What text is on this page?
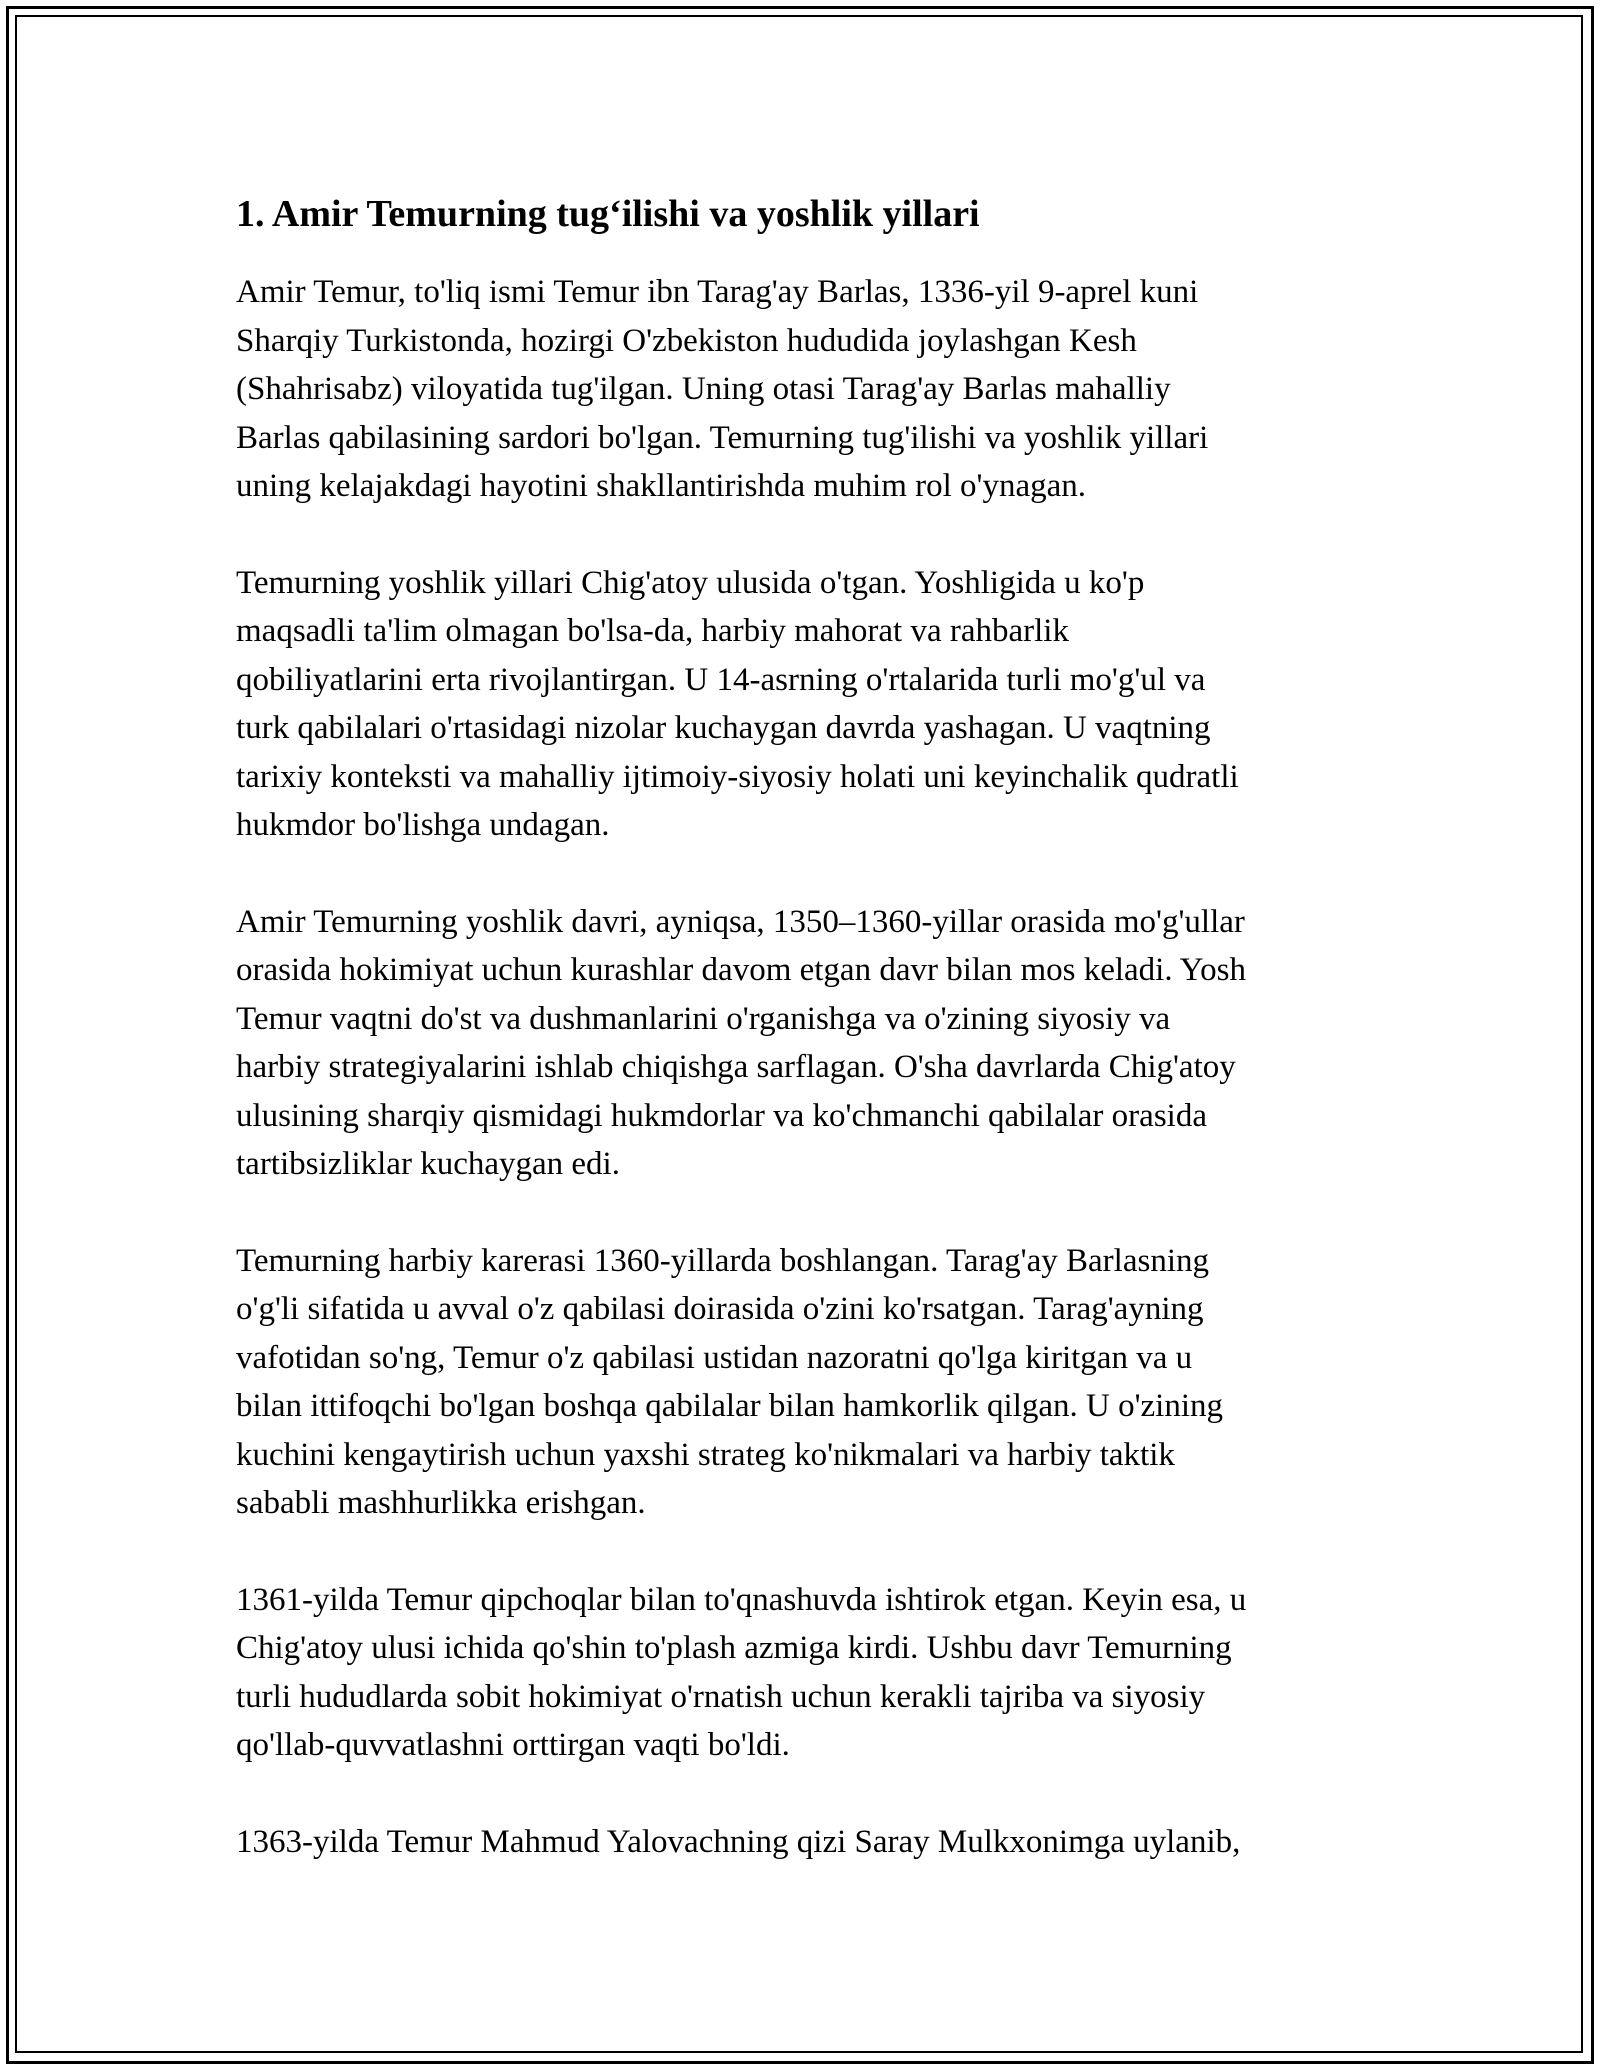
1. Amir Temurning tug‘ilishi va yoshlik yillari

Amir Temur, to'liq ismi Temur ibn Tarag'ay Barlas, 1336-yil 9-aprel kuni
Sharqiy Turkistonda, hozirgi O'zbekiston hududida joylashgan Kesh
(Shahrisabz) viloyatida tug'ilgan. Uning otasi Tarag'ay Barlas mahalliy
Barlas qabilasining sardori bo'lgan. Temurning tug'ilishi va yoshlik yillari
uning kelajakdagi hayotini shakllantirishda muhim rol o'ynagan.

Temurning yoshlik yillari Chig'atoy ulusida o'tgan. Yoshligida u ko'p
maqsadli ta'lim olmagan bo'lsa-da, harbiy mahorat va rahbarlik
qobiliyatlarini erta rivojlantirgan. U 14-asrning o'rtalarida turli mo'g'ul va
turk qabilalari o'rtasidagi nizolar kuchaygan davrda yashagan. U vaqtning
tarixiy konteksti va mahalliy ijtimoiy-siyosiy holati uni keyinchalik qudratli
hukmdor bo'lishga undagan.

Amir Temurning yoshlik davri, ayniqsa, 1350–1360-yillar orasida mo'g'ullar
orasida hokimiyat uchun kurashlar davom etgan davr bilan mos keladi. Yosh
Temur vaqtni do'st va dushmanlarini o'rganishga va o'zining siyosiy va
harbiy strategiyalarini ishlab chiqishga sarflagan. O'sha davrlarda Chig'atoy
ulusining sharqiy qismidagi hukmdorlar va ko'chmanchi qabilalar orasida
tartibsizliklar kuchaygan edi.

Temurning harbiy karerasi 1360-yillarda boshlangan. Tarag'ay Barlasning
o'g'li sifatida u avval o'z qabilasi doirasida o'zini ko'rsatgan. Tarag'ayning
vafotidan so'ng, Temur o'z qabilasi ustidan nazoratni qo'lga kiritgan va u
bilan ittifoqchi bo'lgan boshqa qabilalar bilan hamkorlik qilgan. U o'zining
kuchini kengaytirish uchun yaxshi strateg ko'nikmalari va harbiy taktik
sababli mashhurlikka erishgan.

1361-yilda Temur qipchoqlar bilan to'qnashuvda ishtirok etgan. Keyin esa, u
Chig'atoy ulusi ichida qo'shin to'plash azmiga kirdi. Ushbu davr Temurning
turli hududlarda sobit hokimiyat o'rnatish uchun kerakli tajriba va siyosiy
qo'llab-quvvatlashni orttirgan vaqti bo'ldi.

1363-yilda Temur Mahmud Yalovachning qizi Saray Mulkxonimga uylanib,
